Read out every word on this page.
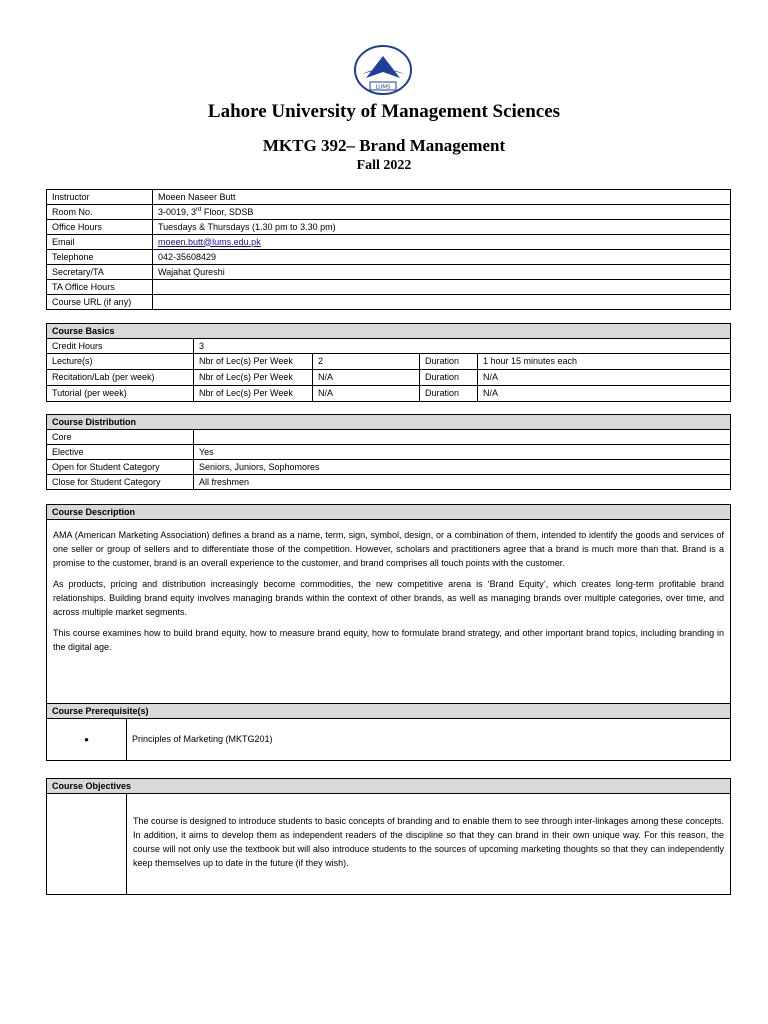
AMA
LUMS
Lahore University of Management Sciences
MKTG 392– Brand Management
Fall 2022
Instructor	Moeen Naseer Butt
Room No.	3-0019, 3rd Floor, SDSB
Office Hours	Tuesdays & Thursdays (1.30 pm to 3.30 pm)
Email	moeen.butt@lums.edu.pk
Telephone	042-35608429
Secretary/TA	Wajahat Qureshi
TA Office Hours	
Course URL (if any)	
Course Basics				
Credit Hours	3			
Lecture(s)	Nbr of Lec(s) Per Week	2	Duration	1 hour 15 minutes each
Recitation/Lab (per week)	Nbr of Lec(s) Per Week	N/A	Duration	N/A
Tutorial (per week)	Nbr of Lec(s) Per Week	N/A	Duration	N/A
Course Distribution	
Core	
Elective	Yes
Open for Student Category	Seniors, Juniors, Sophomores
Close for Student Category	All freshmen
Course Description

AMA (American Marketing Association) defines a brand as a name, term, sign, symbol, design, or a combination of them, intended to identify the goods and services of one seller or group of sellers and to differentiate those of the competition. However, scholars and practitioners agree that a brand is much more than that. Brand is a promise to the customer, brand is an overall experience to the customer, and brand comprises all touch points with the customer.

As products, pricing and distribution increasingly become commodities, the new competitive arena is ‘Brand Equity’, which creates long-term profitable brand relationships. Building brand equity involves managing brands within the context of other brands, as well as managing brands over multiple categories, over time, and across multiple market segments.

This course examines how to build brand equity, how to measure brand equity, how to formulate brand strategy, and other important brand topics, including branding in the digital age.

Course Prerequisite(s)
•	Principles of Marketing (MKTG201)
Course Objectives
	The course is designed to introduce students to basic concepts of branding and to enable them to see through inter-linkages among these concepts. In addition, it aims to develop them as independent readers of the discipline so that they can brand in their own unique way. For this reason, the course will not only use the textbook but will also introduce students to the sources of upcoming marketing thoughts so that they can independently keep themselves up to date in the future (if they wish).
